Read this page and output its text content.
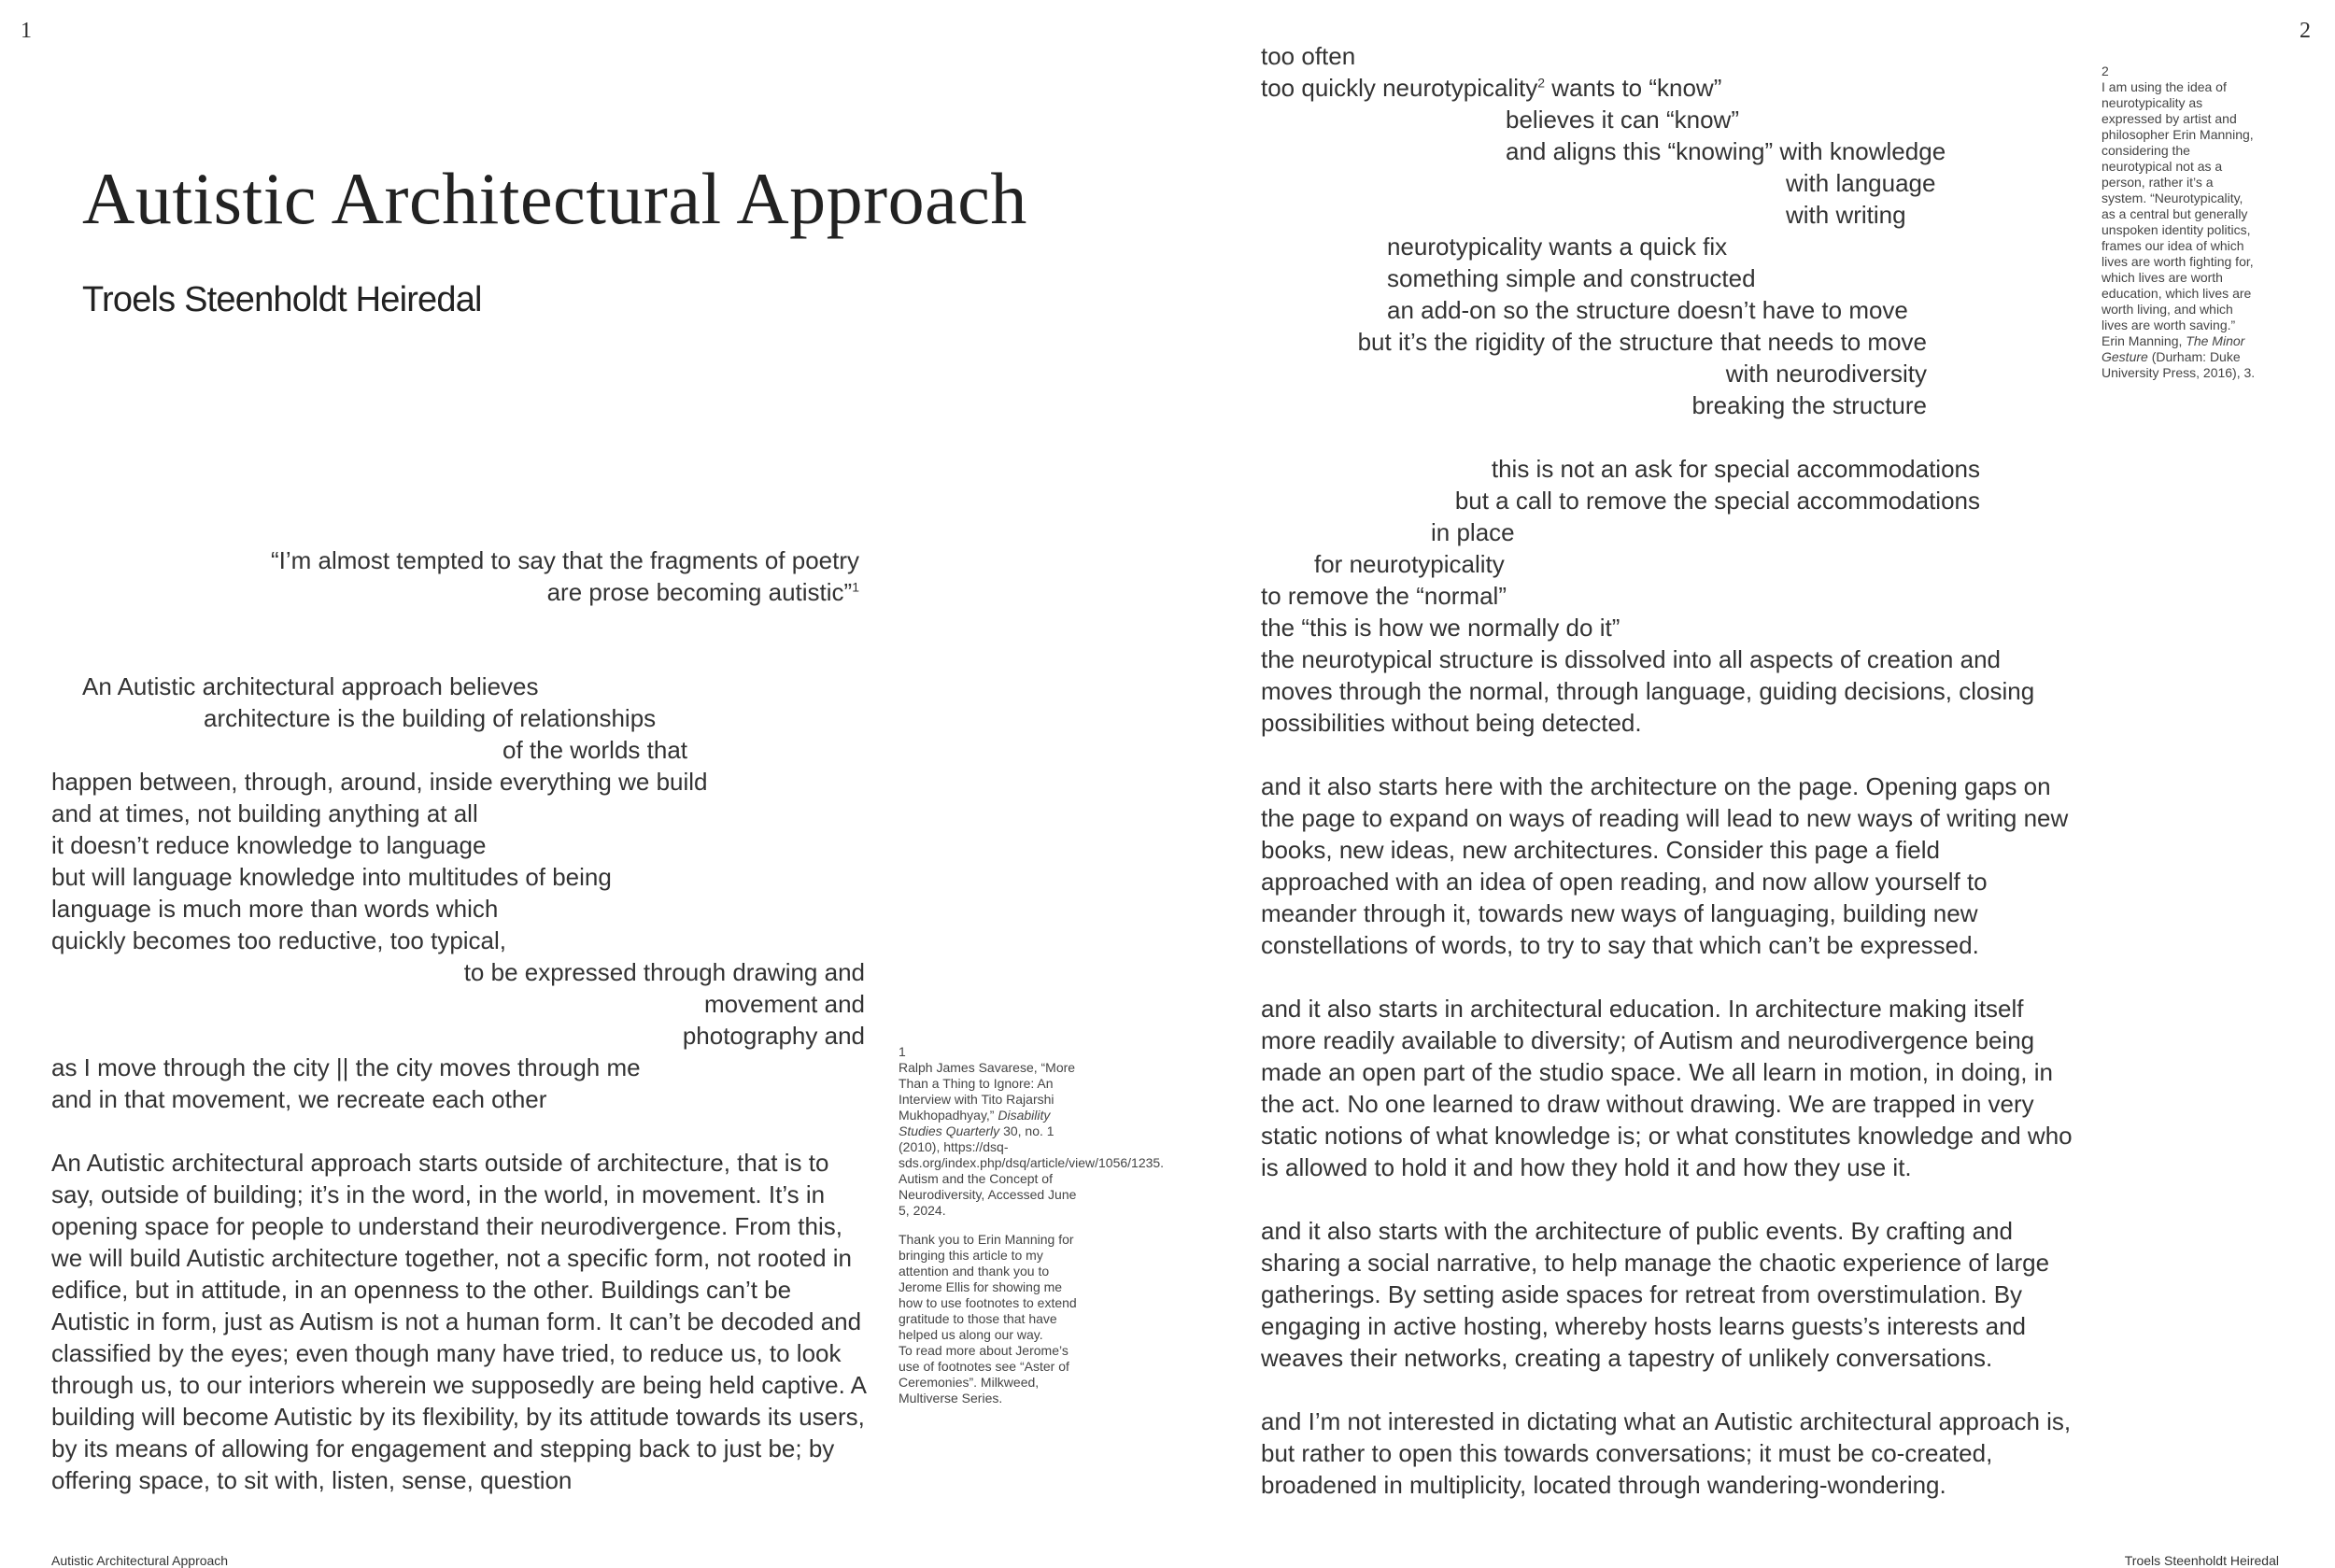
1	2
Autistic Architectural Approach
Troels Steenholdt Heiredal
“I’m almost tempted to say that the fragments of poetry
are prose becoming autistic”$^1$
An Autistic architectural approach believes
architecture is the building of relationships
of the worlds that
happen between, through, around, inside everything we build
and at times, not building anything at all
it doesn’t reduce knowledge to language
but will language knowledge into multitudes of being
language is much more than words which
quickly becomes too reductive, too typical,
to be expressed through drawing and
movement and
photography and
as I move through the city || the city moves through me
and in that movement, we recreate each other

An Autistic architectural approach starts outside of architecture, that is to say, outside of building; it’s in the word, in the world, in movement. It’s in opening space for people to understand their neurodivergence. From this, we will build Autistic architecture together, not a specific form, not rooted in edifice, but in attitude, in an openness to the other. Buildings can’t be Autistic in form, just as Autism is not a human form. It can’t be decoded and classified by the eyes; even though many have tried, to reduce us, to look through us, to our interiors wherein we supposedly are being held captive. A building will become Autistic by its flexibility, by its attitude towards its users, by its means of allowing for engagement and stepping back to just be; by offering space, to sit with, listen, sense, question

1
Ralph James Savarese, “More Than a Thing to Ignore: An Interview with Tito Rajarshi Mukhopadhyay,” Disability Studies Quarterly 30, no. 1 (2010), https://dsq-sds.org/index.php/dsq/article/view/1056/1235. Autism and the Concept of Neurodiversity, Accessed June 5, 2024.
Thank you to Erin Manning for bringing this article to my attention and thank you to Jerome Ellis for showing me how to use footnotes to extend gratitude to those that have helped us along our way.
To read more about Jerome’s use of footnotes see “Aster of Ceremonies”. Milkweed, Multiverse Series.
too often
too quickly neurotypicality$^2$ wants to “know”
believes it can “know”
and aligns this “knowing” with knowledge
with language
with writing
neurotypicality wants a quick fix
something simple and constructed
an add-on so the structure doesn’t have to move
but it’s the rigidity of the structure that needs to move
with neurodiversity
breaking the structure
this is not an ask for special accommodations
but a call to remove the special accommodations
in place
for neurotypicality
to remove the “normal”
the “this is how we normally do it”

the neurotypical structure is dissolved into all aspects of creation and moves through the normal, through language, guiding decisions, closing possibilities without being detected.

and it also starts here with the architecture on the page. Opening gaps on the page to expand on ways of reading will lead to new ways of writing new books, new ideas, new architectures. Consider this page a field approached with an idea of open reading, and now allow yourself to meander through it, towards new ways of languaging, building new constellations of words, to try to say that which can’t be expressed.

and it also starts in architectural education. In architecture making itself more readily available to diversity; of Autism and neurodivergence being made an open part of the studio space. We all learn in motion, in doing, in the act. No one learned to draw without drawing. We are trapped in very static notions of what knowledge is; or what constitutes knowledge and who is allowed to hold it and how they hold it and how they use it.

and it also starts with the architecture of public events. By crafting and sharing a social narrative, to help manage the chaotic experience of large gatherings. By setting aside spaces for retreat from overstimulation. By engaging in active hosting, whereby hosts learns guests’s interests and weaves their networks, creating a tapestry of unlikely conversations.

and I’m not interested in dictating what an Autistic architectural approach is, but rather to open this towards conversations; it must be co-created, broadened in multiplicity, located through wandering-wondering.

2
I am using the idea of neurotypicality as expressed by artist and philosopher Erin Manning, considering the neurotypical not as a person, rather it’s a system. “Neurotypicality, as a central but generally unspoken identity politics, frames our idea of which lives are worth fighting for, which lives are worth education, which lives are worth living, and which lives are worth saving.” Erin Manning, The Minor Gesture (Durham: Duke University Press, 2016), 3.
Autistic Architectural Approach	Troels Steenholdt Heiredal
